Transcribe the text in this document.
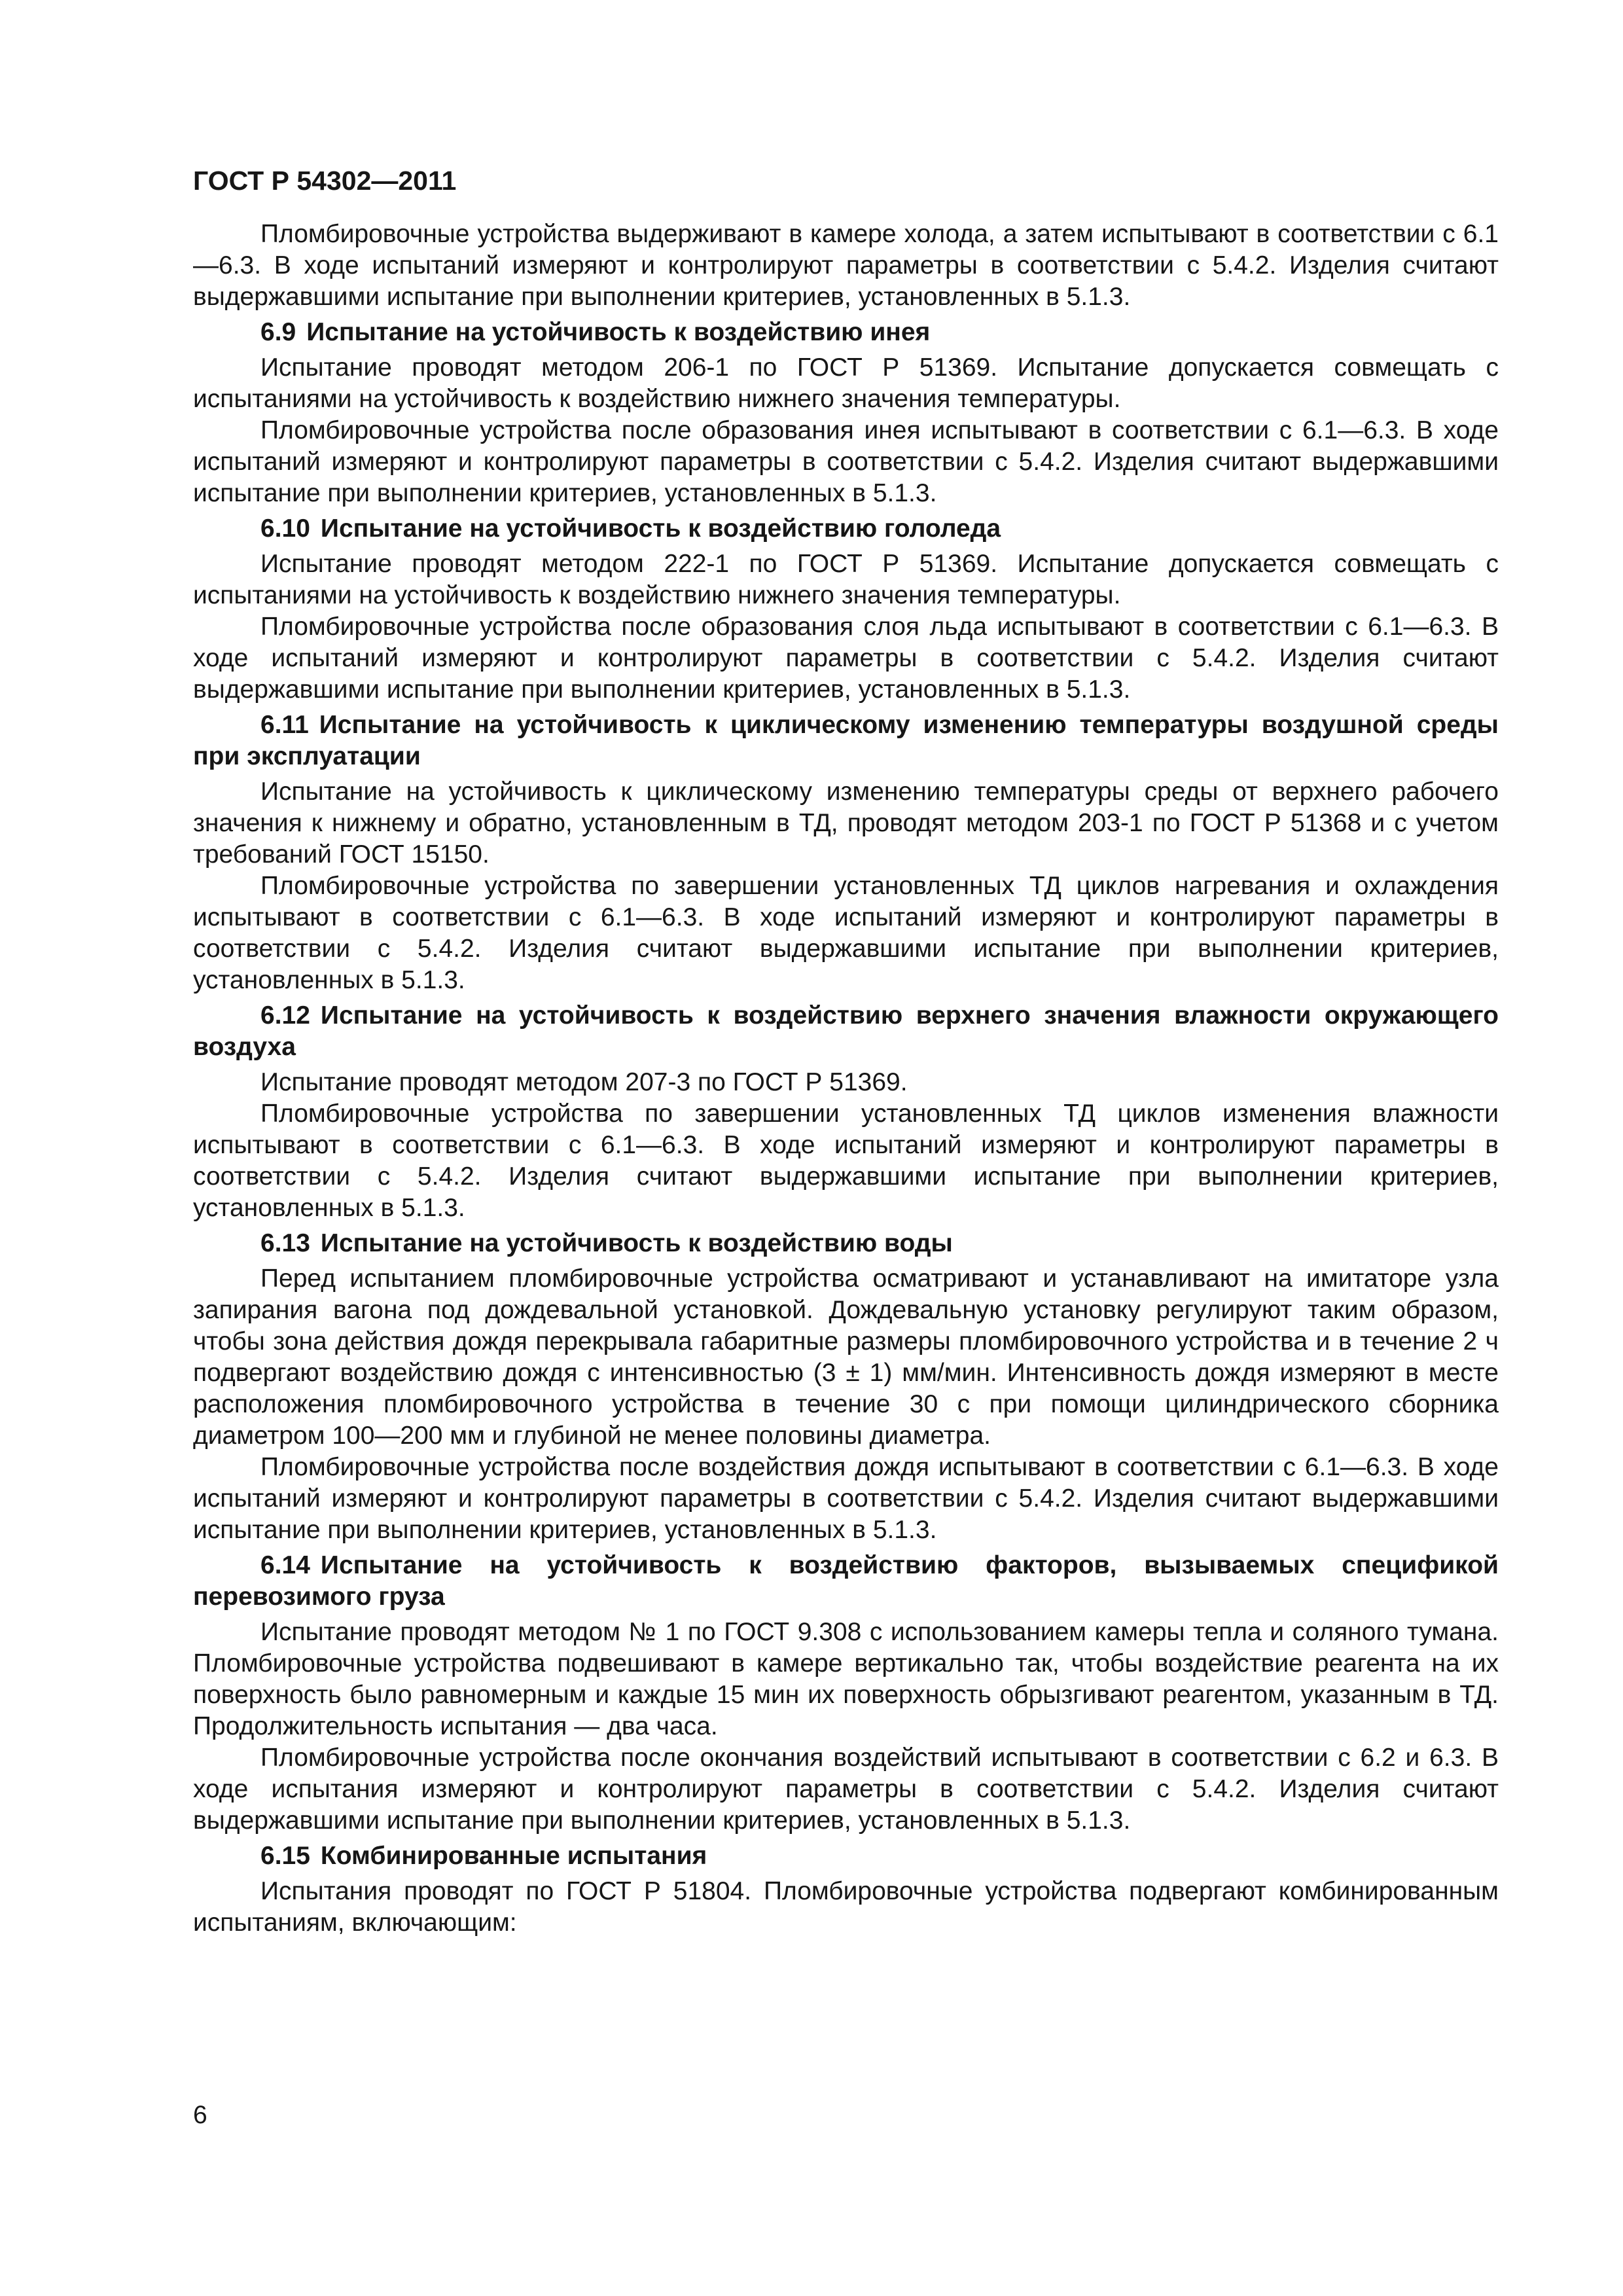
ГОСТ Р 54302—2011

Пломбировочные устройства выдерживают в камере холода, а затем испытывают в соответствии с 6.1—6.3. В ходе испытаний измеряют и контролируют параметры в соответствии с 5.4.2. Изделия считают выдержавшими испытание при выполнении критериев, установленных в 5.1.3.

6.9 Испытание на устойчивость к воздействию инея

Испытание проводят методом 206-1 по ГОСТ Р 51369. Испытание допускается совмещать с испытаниями на устойчивость к воздействию нижнего значения температуры.

Пломбировочные устройства после образования инея испытывают в соответствии с 6.1—6.3. В ходе испытаний измеряют и контролируют параметры в соответствии с 5.4.2. Изделия считают выдержавшими испытание при выполнении критериев, установленных в 5.1.3.

6.10 Испытание на устойчивость к воздействию гололеда

Испытание проводят методом 222-1 по ГОСТ Р 51369. Испытание допускается совмещать с испытаниями на устойчивость к воздействию нижнего значения температуры.

Пломбировочные устройства после образования слоя льда испытывают в соответствии с 6.1—6.3. В ходе испытаний измеряют и контролируют параметры в соответствии с 5.4.2. Изделия считают выдержавшими испытание при выполнении критериев, установленных в 5.1.3.

6.11 Испытание на устойчивость к циклическому изменению температуры воздушной среды при эксплуатации

Испытание на устойчивость к циклическому изменению температуры среды от верхнего рабочего значения к нижнему и обратно, установленным в ТД, проводят методом 203-1 по ГОСТ Р 51368 и с учетом требований ГОСТ 15150.

Пломбировочные устройства по завершении установленных ТД циклов нагревания и охлаждения испытывают в соответствии с 6.1—6.3. В ходе испытаний измеряют и контролируют параметры в соответствии с 5.4.2. Изделия считают выдержавшими испытание при выполнении критериев, установленных в 5.1.3.

6.12 Испытание на устойчивость к воздействию верхнего значения влажности окружающего воздуха

Испытание проводят методом 207-3 по ГОСТ Р 51369.

Пломбировочные устройства по завершении установленных ТД циклов изменения влажности испытывают в соответствии с 6.1—6.3. В ходе испытаний измеряют и контролируют параметры в соответствии с 5.4.2. Изделия считают выдержавшими испытание при выполнении критериев, установленных в 5.1.3.

6.13 Испытание на устойчивость к воздействию воды

Перед испытанием пломбировочные устройства осматривают и устанавливают на имитаторе узла запирания вагона под дождевальной установкой. Дождевальную установку регулируют таким образом, чтобы зона действия дождя перекрывала габаритные размеры пломбировочного устройства и в течение 2 ч подвергают воздействию дождя с интенсивностью (3 ± 1) мм/мин. Интенсивность дождя измеряют в месте расположения пломбировочного устройства в течение 30 с при помощи цилиндрического сборника диаметром 100—200 мм и глубиной не менее половины диаметра.

Пломбировочные устройства после воздействия дождя испытывают в соответствии с 6.1—6.3. В ходе испытаний измеряют и контролируют параметры в соответствии с 5.4.2. Изделия считают выдержавшими испытание при выполнении критериев, установленных в 5.1.3.

6.14 Испытание на устойчивость к воздействию факторов, вызываемых спецификой перевозимого груза

Испытание проводят методом № 1 по ГОСТ 9.308 с использованием камеры тепла и соляного тумана. Пломбировочные устройства подвешивают в камере вертикально так, чтобы воздействие реагента на их поверхность было равномерным и каждые 15 мин их поверхность обрызгивают реагентом, указанным в ТД. Продолжительность испытания — два часа.

Пломбировочные устройства после окончания воздействий испытывают в соответствии с 6.2 и 6.3. В ходе испытания измеряют и контролируют параметры в соответствии с 5.4.2. Изделия считают выдержавшими испытание при выполнении критериев, установленных в 5.1.3.

6.15 Комбинированные испытания

Испытания проводят по ГОСТ Р 51804. Пломбировочные устройства подвергают комбинированным испытаниям, включающим:

6
